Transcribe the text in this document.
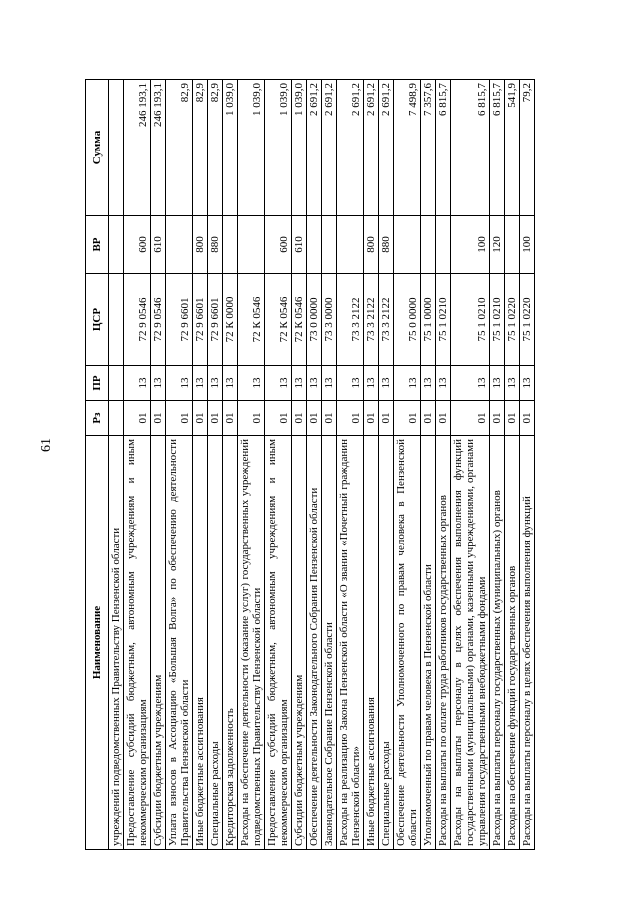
61
Наименование	Рз	ПР	ЦСР	ВР	Сумма
учреждений подведомственных Правительству Пензенской области					
Предоставление субсидий бюджетным, автономным учреждениям и иным некоммерческим организациям	01	13	72 9 0546	600	246 193,1
Субсидии бюджетным учреждениям	01	13	72 9 0546	610	246 193,1
Уплата взносов в Ассоциацию «Большая Волга» по обеспечению деятельности Правительства Пензенской области	01	13	72 9 6601		82,9
Иные бюджетные ассигнования	01	13	72 9 6601	800	82,9
Специальные расходы	01	13	72 9 6601	880	82,9
Кредиторская задолженность	01	13	72 К 0000		1 039,0
Расходы на обеспечение деятельности (оказание услуг) государственных учреждений подведомственных Правительству Пензенской области	01	13	72 К 0546		1 039,0
Предоставление субсидий бюджетным, автономным учреждениям и иным некоммерческим организациям	01	13	72 К 0546	600	1 039,0
Субсидии бюджетным учреждениям	01	13	72 К 0546	610	1 039,0
Обеспечение деятельности Законодательного Собрания Пензенской области	01	13	73 0 0000		2 691,2
Законодательное Собрание Пензенской области	01	13	73 3 0000		2 691,2
Расходы на реализацию Закона Пензенской области «О звании «Почетный гражданин Пензенской области»	01	13	73 3 2122		2 691,2
Иные бюджетные ассигнования	01	13	73 3 2122	800	2 691,2
Специальные расходы	01	13	73 3 2122	880	2 691,2
Обеспечение деятельности Уполномоченного по правам человека в Пензенской области	01	13	75 0 0000		7 498,9
Уполномоченный по правам человека в Пензенской области	01	13	75 1 0000		7 357,6
Расходы на выплаты по оплате труда работников государственных органов	01	13	75 1 0210		6 815,7
Расходы на выплаты персоналу в целях обеспечения выполнения функций государственными (муниципальными) органами, казенными учреждениями, органами управления государственными внебюджетными фондами	01	13	75 1 0210	100	6 815,7
Расходы на выплаты персоналу государственных (муниципальных) органов	01	13	75 1 0210	120	6 815,7
Расходы на обеспечение функций государственных органов	01	13	75 1 0220		541,9
Расходы на выплаты персоналу в целях обеспечения выполнения функций	01	13	75 1 0220	100	79,2
